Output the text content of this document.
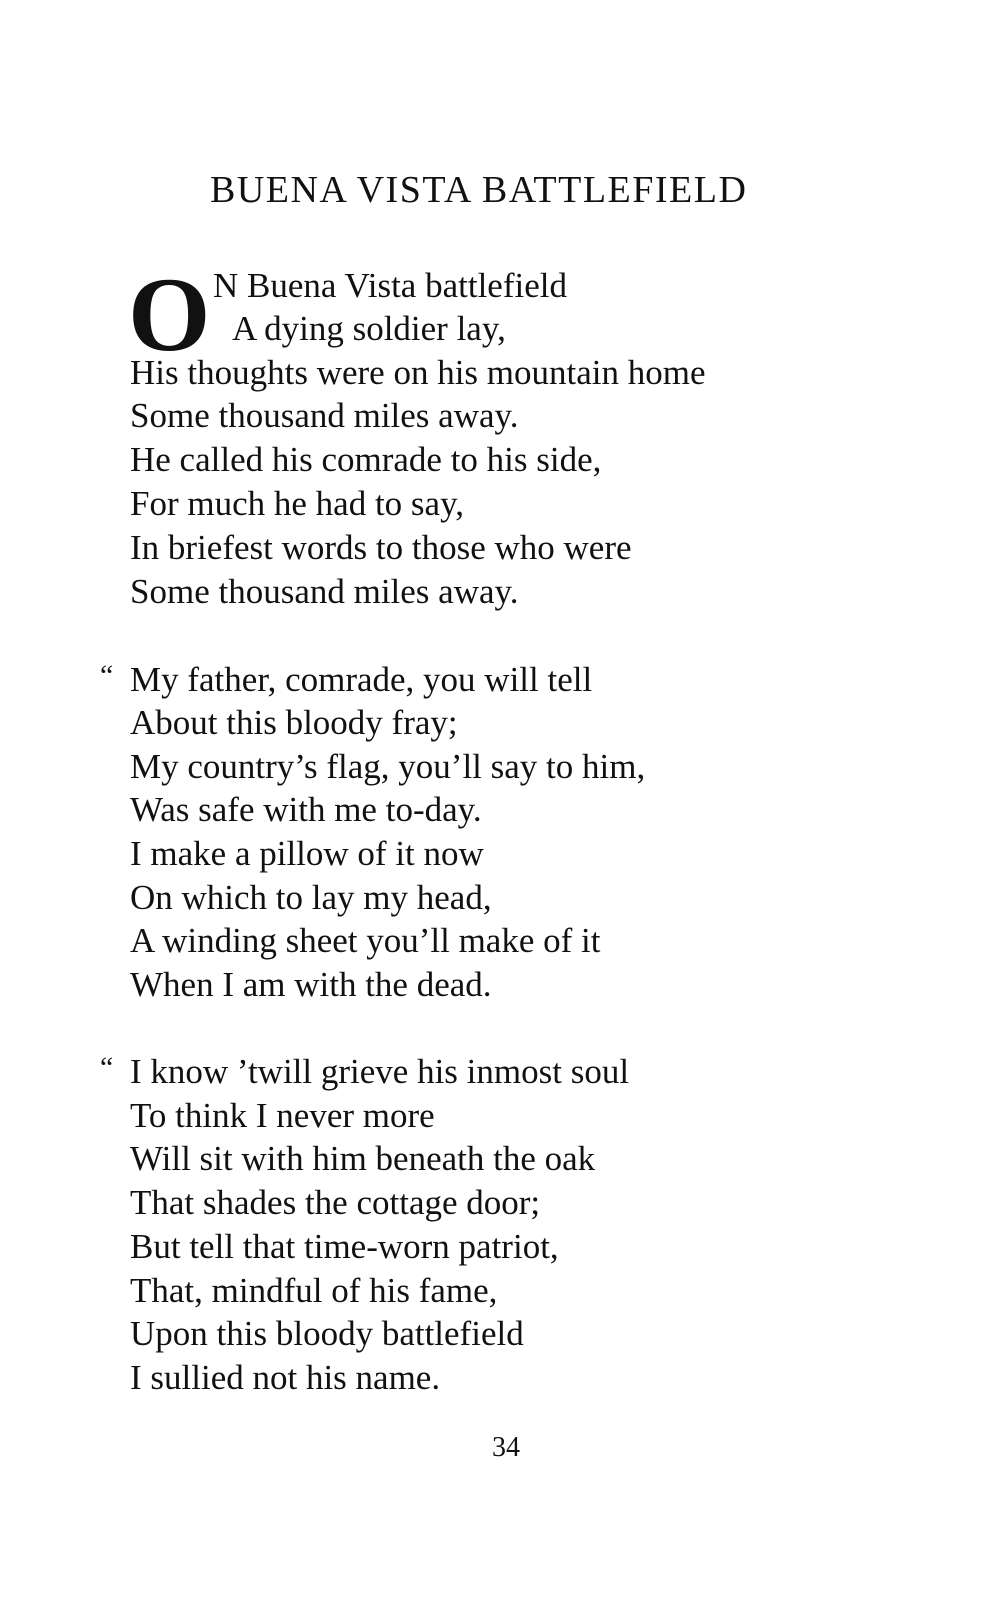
BUENA VISTA BATTLEFIELD
O N Buena Vista battlefield
A dying soldier lay,
His thoughts were on his mountain home
Some thousand miles away.
He called his comrade to his side,
For much he had to say,
In briefest words to those who were
Some thousand miles away.
“ My father, comrade, you will tell
About this bloody fray;
My country’s flag, you’ll say to him,
Was safe with me to-day.
I make a pillow of it now
On which to lay my head,
A winding sheet you’ll make of it
When I am with the dead.
“ I know ’twill grieve his inmost soul
To think I never more
Will sit with him beneath the oak
That shades the cottage door;
But tell that time-worn patriot,
That, mindful of his fame,
Upon this bloody battlefield
I sullied not his name.
34
